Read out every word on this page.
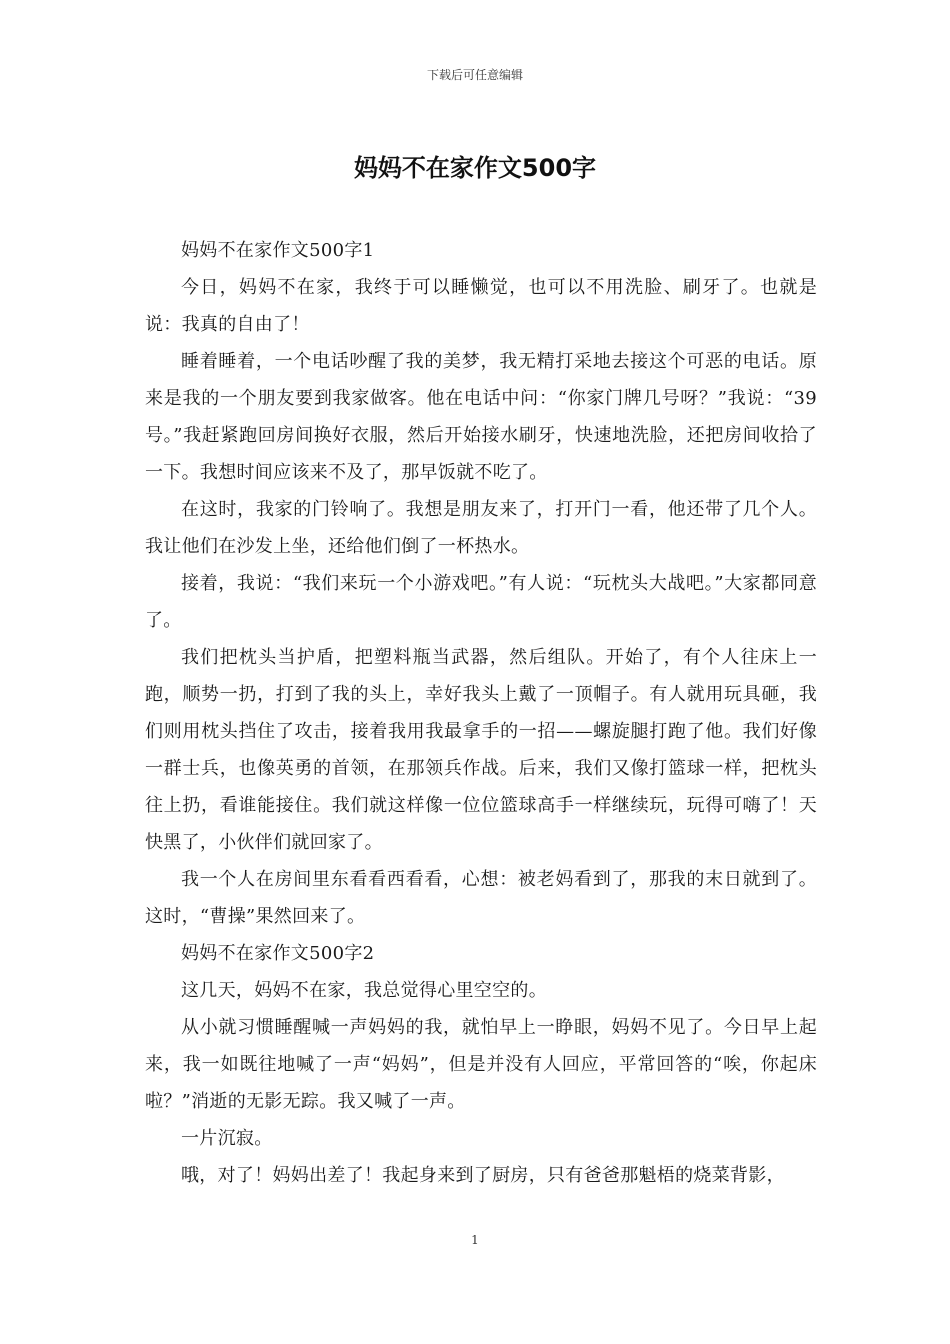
下载后可任意编辑
妈妈不在家作文500字

妈妈不在家作文500字1

今日，妈妈不在家，我终于可以睡懒觉，也可以不用洗脸、刷牙了。也就是说：我真的自由了！

睡着睡着，一个电话吵醒了我的美梦，我无精打采地去接这个可恶的电话。原来是我的一个朋友要到我家做客。他在电话中问：“你家门牌几号呀？”我说：“39号。”我赶紧跑回房间换好衣服，然后开始接水刷牙，快速地洗脸，还把房间收拾了一下。我想时间应该来不及了，那早饭就不吃了。

在这时，我家的门铃响了。我想是朋友来了，打开门一看，他还带了几个人。我让他们在沙发上坐，还给他们倒了一杯热水。

接着，我说：“我们来玩一个小游戏吧。”有人说：“玩枕头大战吧。”大家都同意了。

我们把枕头当护盾，把塑料瓶当武器，然后组队。开始了，有个人往床上一跑，顺势一扔，打到了我的头上，幸好我头上戴了一顶帽子。有人就用玩具砸，我们则用枕头挡住了攻击，接着我用我最拿手的一招——螺旋腿打跑了他。我们好像一群士兵，也像英勇的首领，在那领兵作战。后来，我们又像打篮球一样，把枕头往上扔，看谁能接住。我们就这样像一位位篮球高手一样继续玩，玩得可嗨了！天快黑了，小伙伴们就回家了。

我一个人在房间里东看看西看看，心想：被老妈看到了，那我的末日就到了。这时，“曹操”果然回来了。

妈妈不在家作文500字2

这几天，妈妈不在家，我总觉得心里空空的。

从小就习惯睡醒喊一声妈妈的我，就怕早上一睁眼，妈妈不见了。今日早上起来，我一如既往地喊了一声“妈妈”，但是并没有人回应，平常回答的“唉，你起床啦？”消逝的无影无踪。我又喊了一声。

一片沉寂。

哦，对了！妈妈出差了！我起身来到了厨房，只有爸爸那魁梧的烧菜背影，

1
